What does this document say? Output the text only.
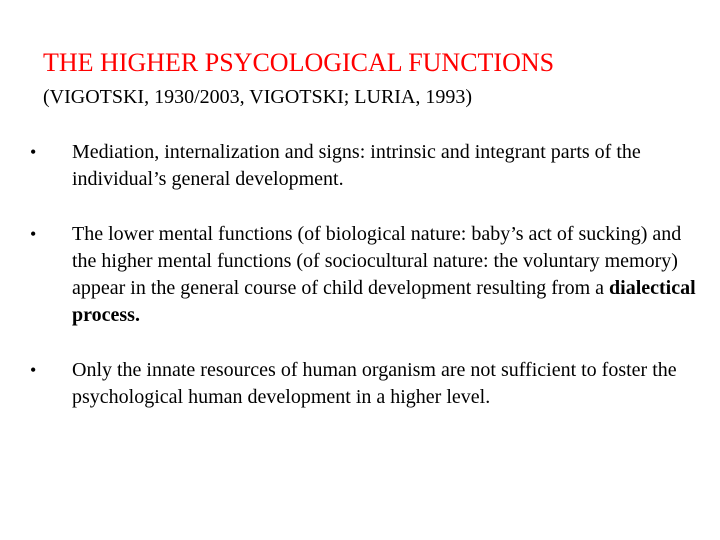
THE HIGHER PSYCOLOGICAL FUNCTIONS
(VIGOTSKI, 1930/2003, VIGOTSKI; LURIA, 1993)
•	Mediation, internalization and signs: intrinsic and integrant parts of the individual’s general development.
•	The lower mental functions (of biological nature: baby’s act of sucking) and the higher mental functions (of sociocultural nature: the voluntary memory) appear in the general course of child development resulting from a dialectical process.
•	Only the innate resources of human organism are not sufficient to foster the psychological human development in a higher level.
